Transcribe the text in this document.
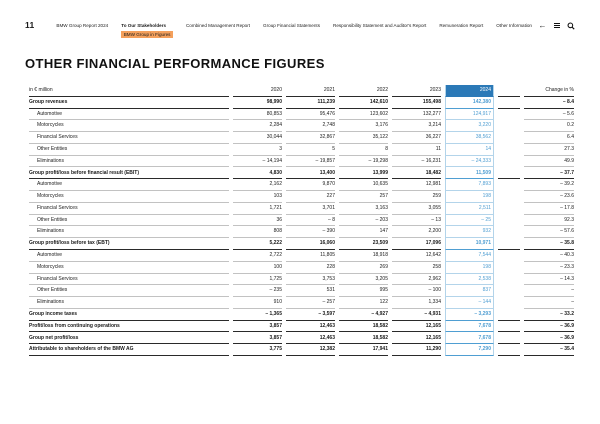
11	BMW Group Report 2024	To Our Stakeholders
BMW Group in Figures
Combined Management Report	Group Financial Statements	Responsibility Statement and Auditor's Report	Remuneration Report	Other Information ←
OTHER FINANCIAL PERFORMANCE FIGURES
in € million	2020	2021	2022	2023	2024		Change in %
Group revenues	98,990	111,239	142,610	155,498	142,380		– 8.4
Automotive	80,853	95,476	123,602	132,277	124,917		– 5.6
Motorcycles	2,284	2,748	3,176	3,214	3,220		0.2
Financial Services	30,044	32,867	35,122	36,227	38,562		6.4
Other Entities	3	5	8	11	14		27.3
Eliminations	– 14,194	– 19,857	– 19,298	– 16,231	– 24,333		49.9
Group profit/loss before financial result (EBIT)	4,830	13,400	13,999	18,482	11,509		– 37.7
Automotive	2,162	9,870	10,635	12,981	7,893		– 39.2
Motorcycles	103	227	257	259	198		– 23.6
Financial Services	1,721	3,701	3,163	3,055	2,511		– 17.8
Other Entities	36	– 8	– 203	– 13	– 25		92.3
Eliminations	808	– 390	147	2,200	932		– 57.6
Group profit/loss before tax (EBT)	5,222	16,060	23,509	17,096	10,971		– 35.8
Automotive	2,722	11,805	18,918	12,642	7,544		– 40.3
Motorcycles	100	228	269	258	198		– 23.3
Financial Services	1,725	3,753	3,205	2,962	2,538		– 14.3
Other Entities	– 235	531	995	– 100	837		–
Eliminations	910	– 257	122	1,334	– 144		–
Group income taxes	– 1,365	– 3,597	– 4,927	– 4,931	– 3,293		– 33.2
Profit/loss from continuing operations	3,857	12,463	18,582	12,165	7,678		– 36.9
Group net profit/loss	3,857	12,463	18,582	12,165	7,678		– 36.9
Attributable to shareholders of the BMW AG	3,775	12,382	17,941	11,290	7,290		– 35.4
